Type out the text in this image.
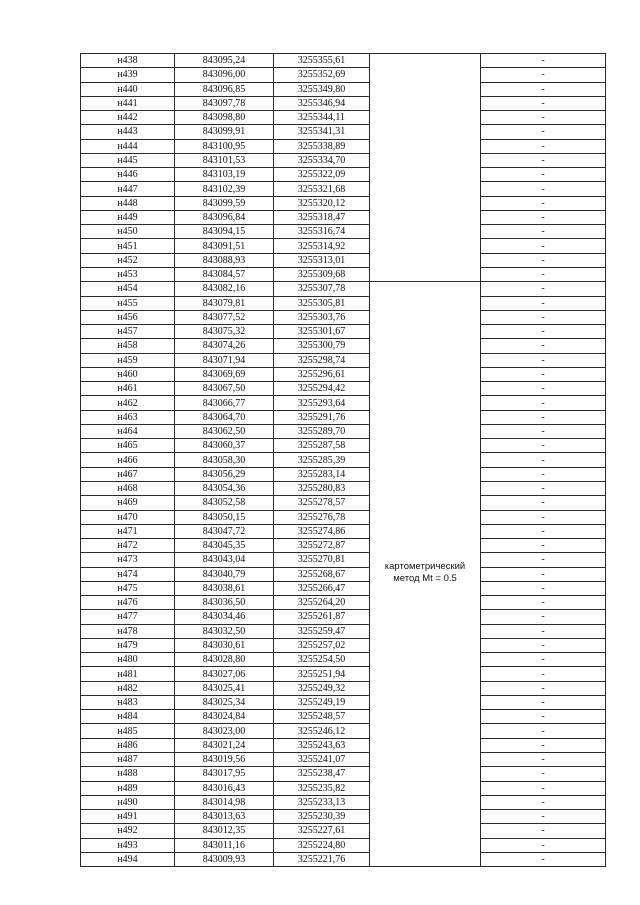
н438	843095,24	3255355,61		-
н439	843096,00	3255352,69		-
н440	843096,85	3255349,80		-
н441	843097,78	3255346,94		-
н442	843098,80	3255344,11		-
н443	843099,91	3255341,31		-
н444	843100,95	3255338,89		-
н445	843101,53	3255334,70		-
н446	843103,19	3255322,09		-
н447	843102,39	3255321,68		-
н448	843099,59	3255320,12		-
н449	843096,84	3255318,47		-
н450	843094,15	3255316,74		-
н451	843091,51	3255314,92		-
н452	843088,93	3255313,01		-
н453	843084,57	3255309,68		-
н454	843082,16	3255307,78		-
н455	843079,81	3255305,81		-
н456	843077,52	3255303,76		-
н457	843075,32	3255301,67		-
н458	843074,26	3255300,79		-
н459	843071,94	3255298,74		-
н460	843069,69	3255296,61		-
н461	843067,50	3255294,42		-
н462	843066,77	3255293,64		-
н463	843064,70	3255291,76		-
н464	843062,50	3255289,70		-
н465	843060,37	3255287,58		-
н466	843058,30	3255285,39		-
н467	843056,29	3255283,14		-
н468	843054,36	3255280,83		-
н469	843052,58	3255278,57		-
н470	843050,15	3255276,78		-
н471	843047,72	3255274,86		-
н472	843045,35	3255272,87		-
н473	843043,04	3255270,81		-
н474	843040,79	3255268,67	картометрический
метод Mt = 0.5	-
н475	843038,61	3255266,47		-
н476	843036,50	3255264,20		-
н477	843034,46	3255261,87		-
н478	843032,50	3255259,47		-
н479	843030,61	3255257,02		-
н480	843028,80	3255254,50		-
н481	843027,06	3255251,94		-
н482	843025,41	3255249,32		-
н483	843025,34	3255249,19		-
н484	843024,84	3255248,57		-
н485	843023,00	3255246,12		-
н486	843021,24	3255243,63		-
н487	843019,56	3255241,07		-
н488	843017,95	3255238,47		-
н489	843016,43	3255235,82		-
н490	843014,98	3255233,13		-
н491	843013,63	3255230,39		-
н492	843012,35	3255227,61		-
н493	843011,16	3255224,80		-
н494	843009,93	3255221,76		-
